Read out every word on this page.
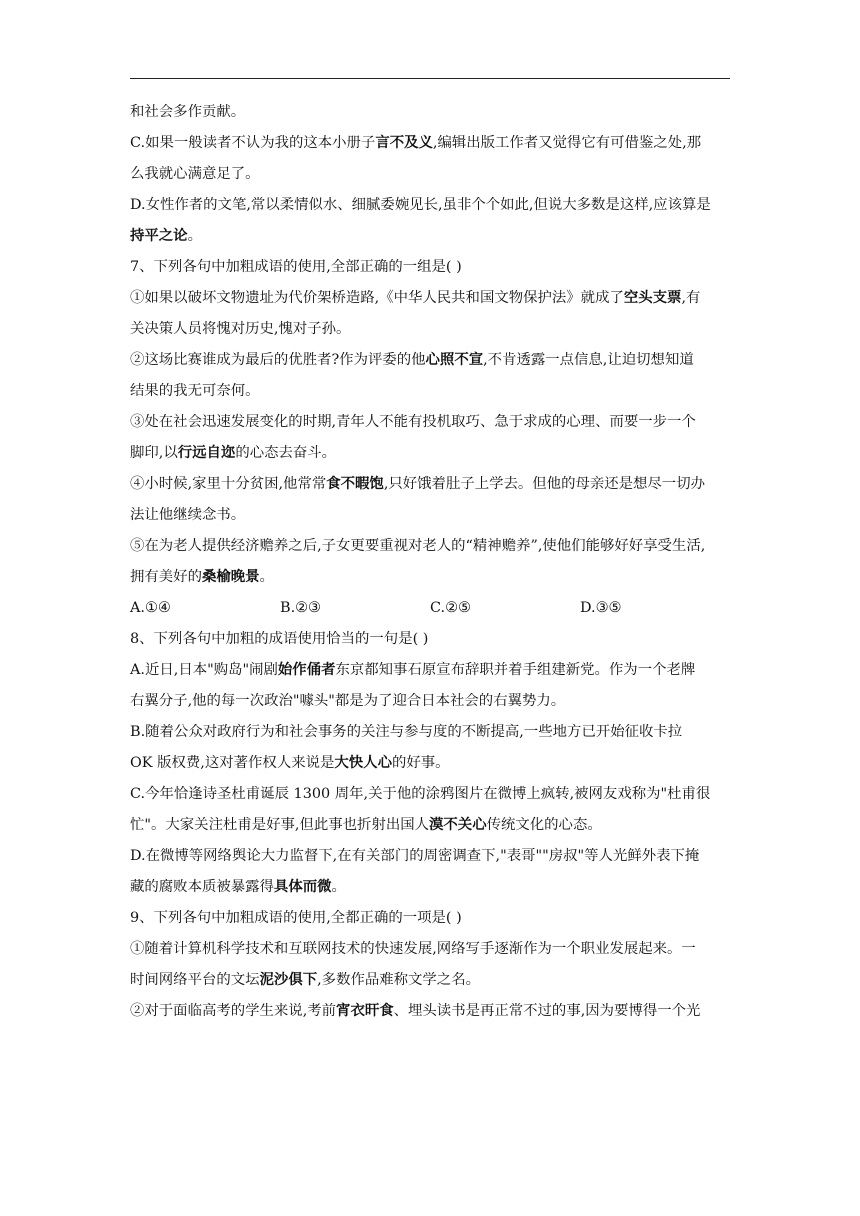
和社会多作贡献。
C.如果一般读者不认为我的这本小册子言不及义,编辑出版工作者又觉得它有可借鉴之处,那
么我就心满意足了。
D.女性作者的文笔,常以柔情似水、细腻委婉见长,虽非个个如此,但说大多数是这样,应该算是
持平之论。
7、下列各句中加粗成语的使用,全部正确的一组是( )
①如果以破坏文物遗址为代价架桥造路,《中华人民共和国文物保护法》就成了空头支票,有
关决策人员将愧对历史,愧对子孙。
②这场比赛谁成为最后的优胜者?作为评委的他心照不宣,不肯透露一点信息,让迫切想知道
结果的我无可奈何。
③处在社会迅速发展变化的时期,青年人不能有投机取巧、急于求成的心理、而要一步一个
脚印,以行远自迩的心态去奋斗。
④小时候,家里十分贫困,他常常食不暇饱,只好饿着肚子上学去。但他的母亲还是想尽一切办
法让他继续念书。
⑤在为老人提供经济赡养之后,子女更要重视对老人的“精神赡养”,使他们能够好好享受生活,
拥有美好的桑榆晚景。
A.①④	B.②③	C.②⑤	D.③⑤
8、下列各句中加粗的成语使用恰当的一句是( )
A.近日,日本"购岛"闹剧始作俑者东京都知事石原宣布辞职并着手组建新党。作为一个老牌
右翼分子,他的每一次政治"噱头"都是为了迎合日本社会的右翼势力。
B.随着公众对政府行为和社会事务的关注与参与度的不断提高,一些地方已开始征收卡拉
OK 版权费,这对著作权人来说是大快人心的好事。
C.今年恰逢诗圣杜甫诞辰 1300 周年,关于他的涂鸦图片在微博上疯转,被网友戏称为"杜甫很
忙"。大家关注杜甫是好事,但此事也折射出国人漠不关心传统文化的心态。
D.在微博等网络舆论大力监督下,在有关部门的周密调查下,"表哥""房叔"等人光鲜外表下掩
藏的腐败本质被暴露得具体而微。
9、下列各句中加粗成语的使用,全都正确的一项是( )
①随着计算机科学技术和互联网技术的快速发展,网络写手逐渐作为一个职业发展起来。一
时间网络平台的文坛泥沙俱下,多数作品难称文学之名。
②对于面临高考的学生来说,考前宵衣旰食、埋头读书是再正常不过的事,因为要博得一个光
